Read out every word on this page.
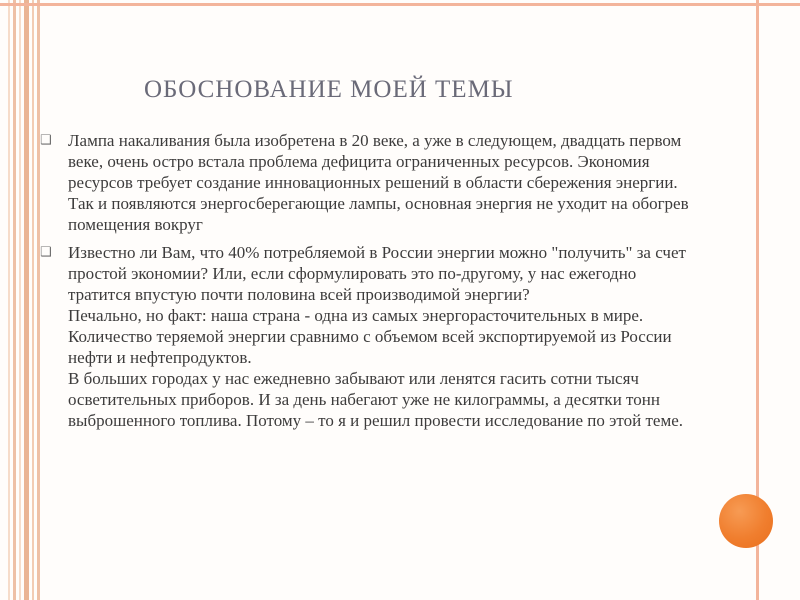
ОБОСНОВАНИЕ МОЕЙ ТЕМЫ
❑ Лампа накаливания была изобретена в 20 веке, а уже в следующем, двадцать первом веке, очень остро встала проблема дефицита ограниченных ресурсов. Экономия ресурсов требует создание инновационных решений в области сбережения энергии. Так и появляются энергосберегающие лампы, основная энергия не уходит на обогрев помещения вокруг

❑ Известно ли Вам, что 40% потребляемой в России энергии можно "получить" за счет простой экономии? Или, если сформулировать это по-другому, у нас ежегодно тратится впустую почти половина всей производимой энергии?

Печально, но факт: наша страна - одна из самых энергорасточительных в мире. Количество теряемой энергии сравнимо с объемом всей экспортируемой из России нефти и нефтепродуктов.

В больших городах у нас ежедневно забывают или ленятся гасить сотни тысяч осветительных приборов. И за день набегают уже не килограммы, а десятки тонн выброшенного топлива. Потому – то я и решил провести исследование по этой теме.
